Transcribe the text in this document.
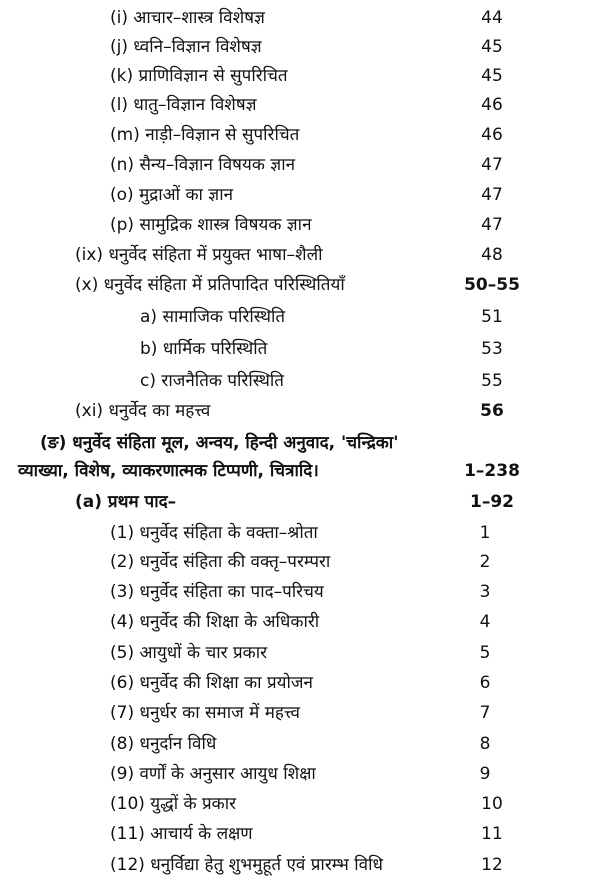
(i) आचार–शास्त्र विशेषज्ञ	44
(j) ध्वनि–विज्ञान विशेषज्ञ	45
(k) प्राणिविज्ञान से सुपरिचित	45
(l) धातु–विज्ञान विशेषज्ञ	46
(m) नाड़ी–विज्ञान से सुपरिचित	46
(n) सैन्य–विज्ञान विषयक ज्ञान	47
(o) मुद्राओं का ज्ञान	47
(p) सामुद्रिक शास्त्र विषयक ज्ञान	47
(ix) धनुर्वेद संहिता में प्रयुक्त भाषा–शैली	48
(x) धनुर्वेद संहिता में प्रतिपादित परिस्थितियाँ	50–55
a) सामाजिक परिस्थिति	51
b) धार्मिक परिस्थिति	53
c) राजनैतिक परिस्थिति	55
(xi) धनुर्वेद का महत्त्व	56
(ङ) धनुर्वेद संहिता मूल, अन्वय, हिन्दी अनुवाद, 'चन्द्रिका'
व्याख्या, विशेष, व्याकरणात्मक टिप्पणी, चित्रादि।	1–238
(a) प्रथम पाद–	1–92
(1) धनुर्वेद संहिता के वक्ता–श्रोता	1
(2) धनुर्वेद संहिता की वक्तृ–परम्परा	2
(3) धनुर्वेद संहिता का पाद–परिचय	3
(4) धनुर्वेद की शिक्षा के अधिकारी	4
(5) आयुधों के चार प्रकार	5
(6) धनुर्वेद की शिक्षा का प्रयोजन	6
(7) धनुर्धर का समाज में महत्त्व	7
(8) धनुर्दान विधि	8
(9) वर्णों के अनुसार आयुध शिक्षा	9
(10) युद्धों के प्रकार	10
(11) आचार्य के लक्षण	11
(12) धनुर्विद्या हेतु शुभमुहूर्त एवं प्रारम्भ विधि	12
